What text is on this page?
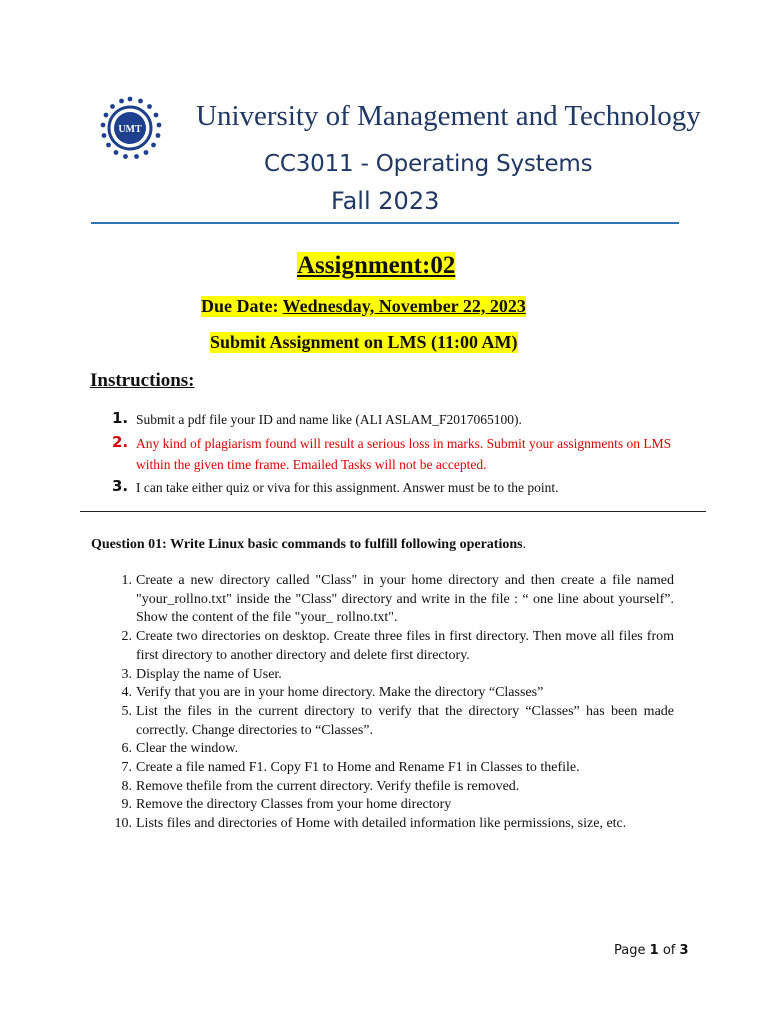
UMT University of Management and Technology
CC3011 - Operating Systems
Fall 2023
Assignment:02
Due Date: Wednesday, November 22, 2023
Submit Assignment on LMS (11:00 AM)
Instructions:
1. Submit a pdf file your ID and name like (ALI ASLAM_F2017065100).
2. Any kind of plagiarism found will result a serious loss in marks. Submit your assignments on LMS within the given time frame. Emailed Tasks will not be accepted.
3. I can take either quiz or viva for this assignment. Answer must be to the point.
Question 01: Write Linux basic commands to fulfill following operations.
1. Create a new directory called "Class" in your home directory and then create a file named "your_rollno.txt" inside the "Class" directory and write in the file : “ one line about yourself”. Show the content of the file "your_ rollno.txt".
2. Create two directories on desktop. Create three files in first directory. Then move all files from first directory to another directory and delete first directory.
3. Display the name of User.
4. Verify that you are in your home directory. Make the directory “Classes”
5. List the files in the current directory to verify that the directory “Classes” has been made correctly. Change directories to “Classes”.
6. Clear the window.
7. Create a file named F1. Copy F1 to Home and Rename F1 in Classes to thefile.
8. Remove thefile from the current directory. Verify thefile is removed.
9. Remove the directory Classes from your home directory
10. Lists files and directories of Home with detailed information like permissions, size, etc.
Page 1 of 3
